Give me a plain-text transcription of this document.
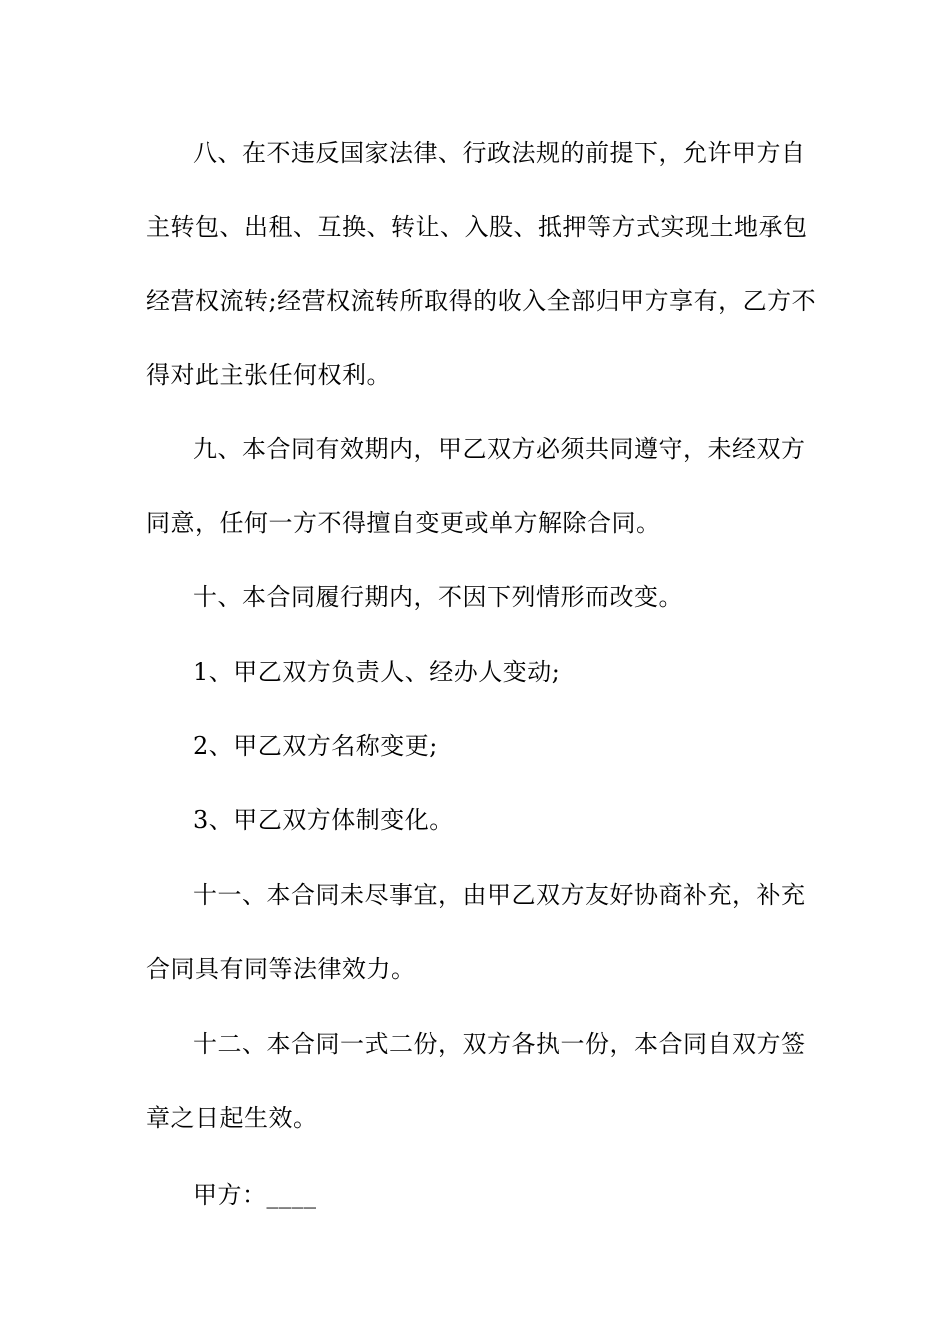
八、在不违反国家法律、行政法规的前提下，允许甲方自
主转包、出租、互换、转让、入股、抵押等方式实现土地承包
经营权流转;经营权流转所取得的收入全部归甲方享有，乙方不
得对此主张任何权利。
九、本合同有效期内，甲乙双方必须共同遵守，未经双方
同意，任何一方不得擅自变更或单方解除合同。
十、本合同履行期内，不因下列情形而改变。
1、甲乙双方负责人、经办人变动;
2、甲乙双方名称变更;
3、甲乙双方体制变化。
十一、本合同未尽事宜，由甲乙双方友好协商补充，补充
合同具有同等法律效力。
十二、本合同一式二份，双方各执一份，本合同自双方签
章之日起生效。
甲方：____
